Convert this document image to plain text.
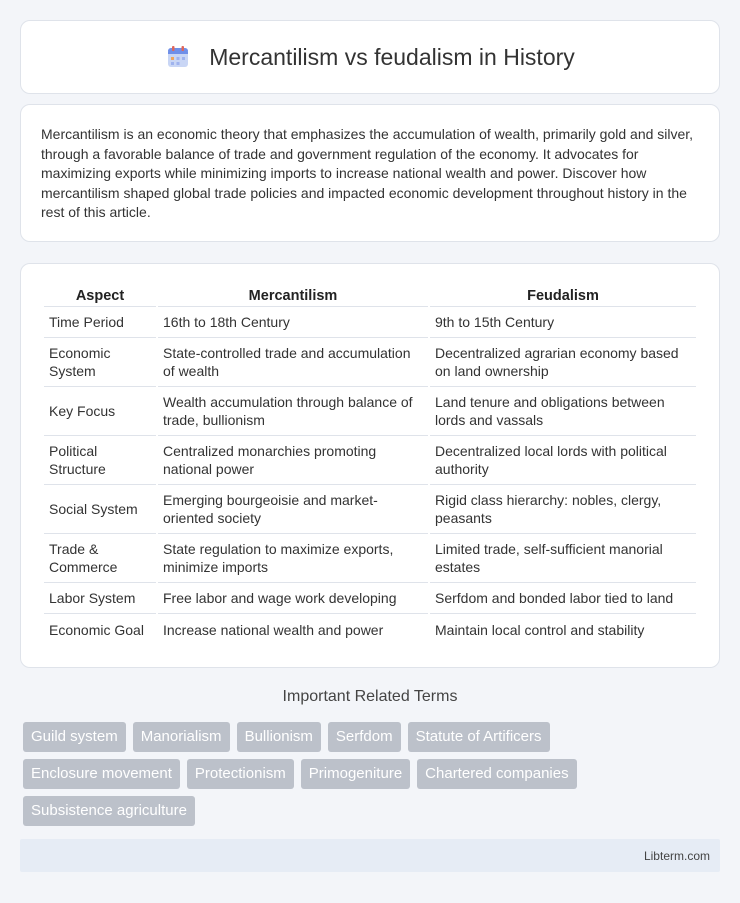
Mercantilism vs feudalism in History

Mercantilism is an economic theory that emphasizes the accumulation of wealth, primarily gold and silver, through a favorable balance of trade and government regulation of the economy. It advocates for maximizing exports while minimizing imports to increase national wealth and power. Discover how mercantilism shaped global trade policies and impacted economic development throughout history in the rest of this article.

Aspect	Mercantilism	Feudalism
Time Period	16th to 18th Century	9th to 15th Century
Economic System	State-controlled trade and accumulation of wealth	Decentralized agrarian economy based on land ownership
Key Focus	Wealth accumulation through balance of trade, bullionism	Land tenure and obligations between lords and vassals
Political Structure	Centralized monarchies promoting national power	Decentralized local lords with political authority
Social System	Emerging bourgeoisie and market-oriented society	Rigid class hierarchy: nobles, clergy, peasants
Trade & Commerce	State regulation to maximize exports, minimize imports	Limited trade, self-sufficient manorial estates
Labor System	Free labor and wage work developing	Serfdom and bonded labor tied to land
Economic Goal	Increase national wealth and power	Maintain local control and stability
Important Related Terms
Guild system	Manorialism	Bullionism	Serfdom	Statute of Artificers
Enclosure movement	Protectionism	Primogeniture	Chartered companies
Subsistence agriculture
Libterm.com
